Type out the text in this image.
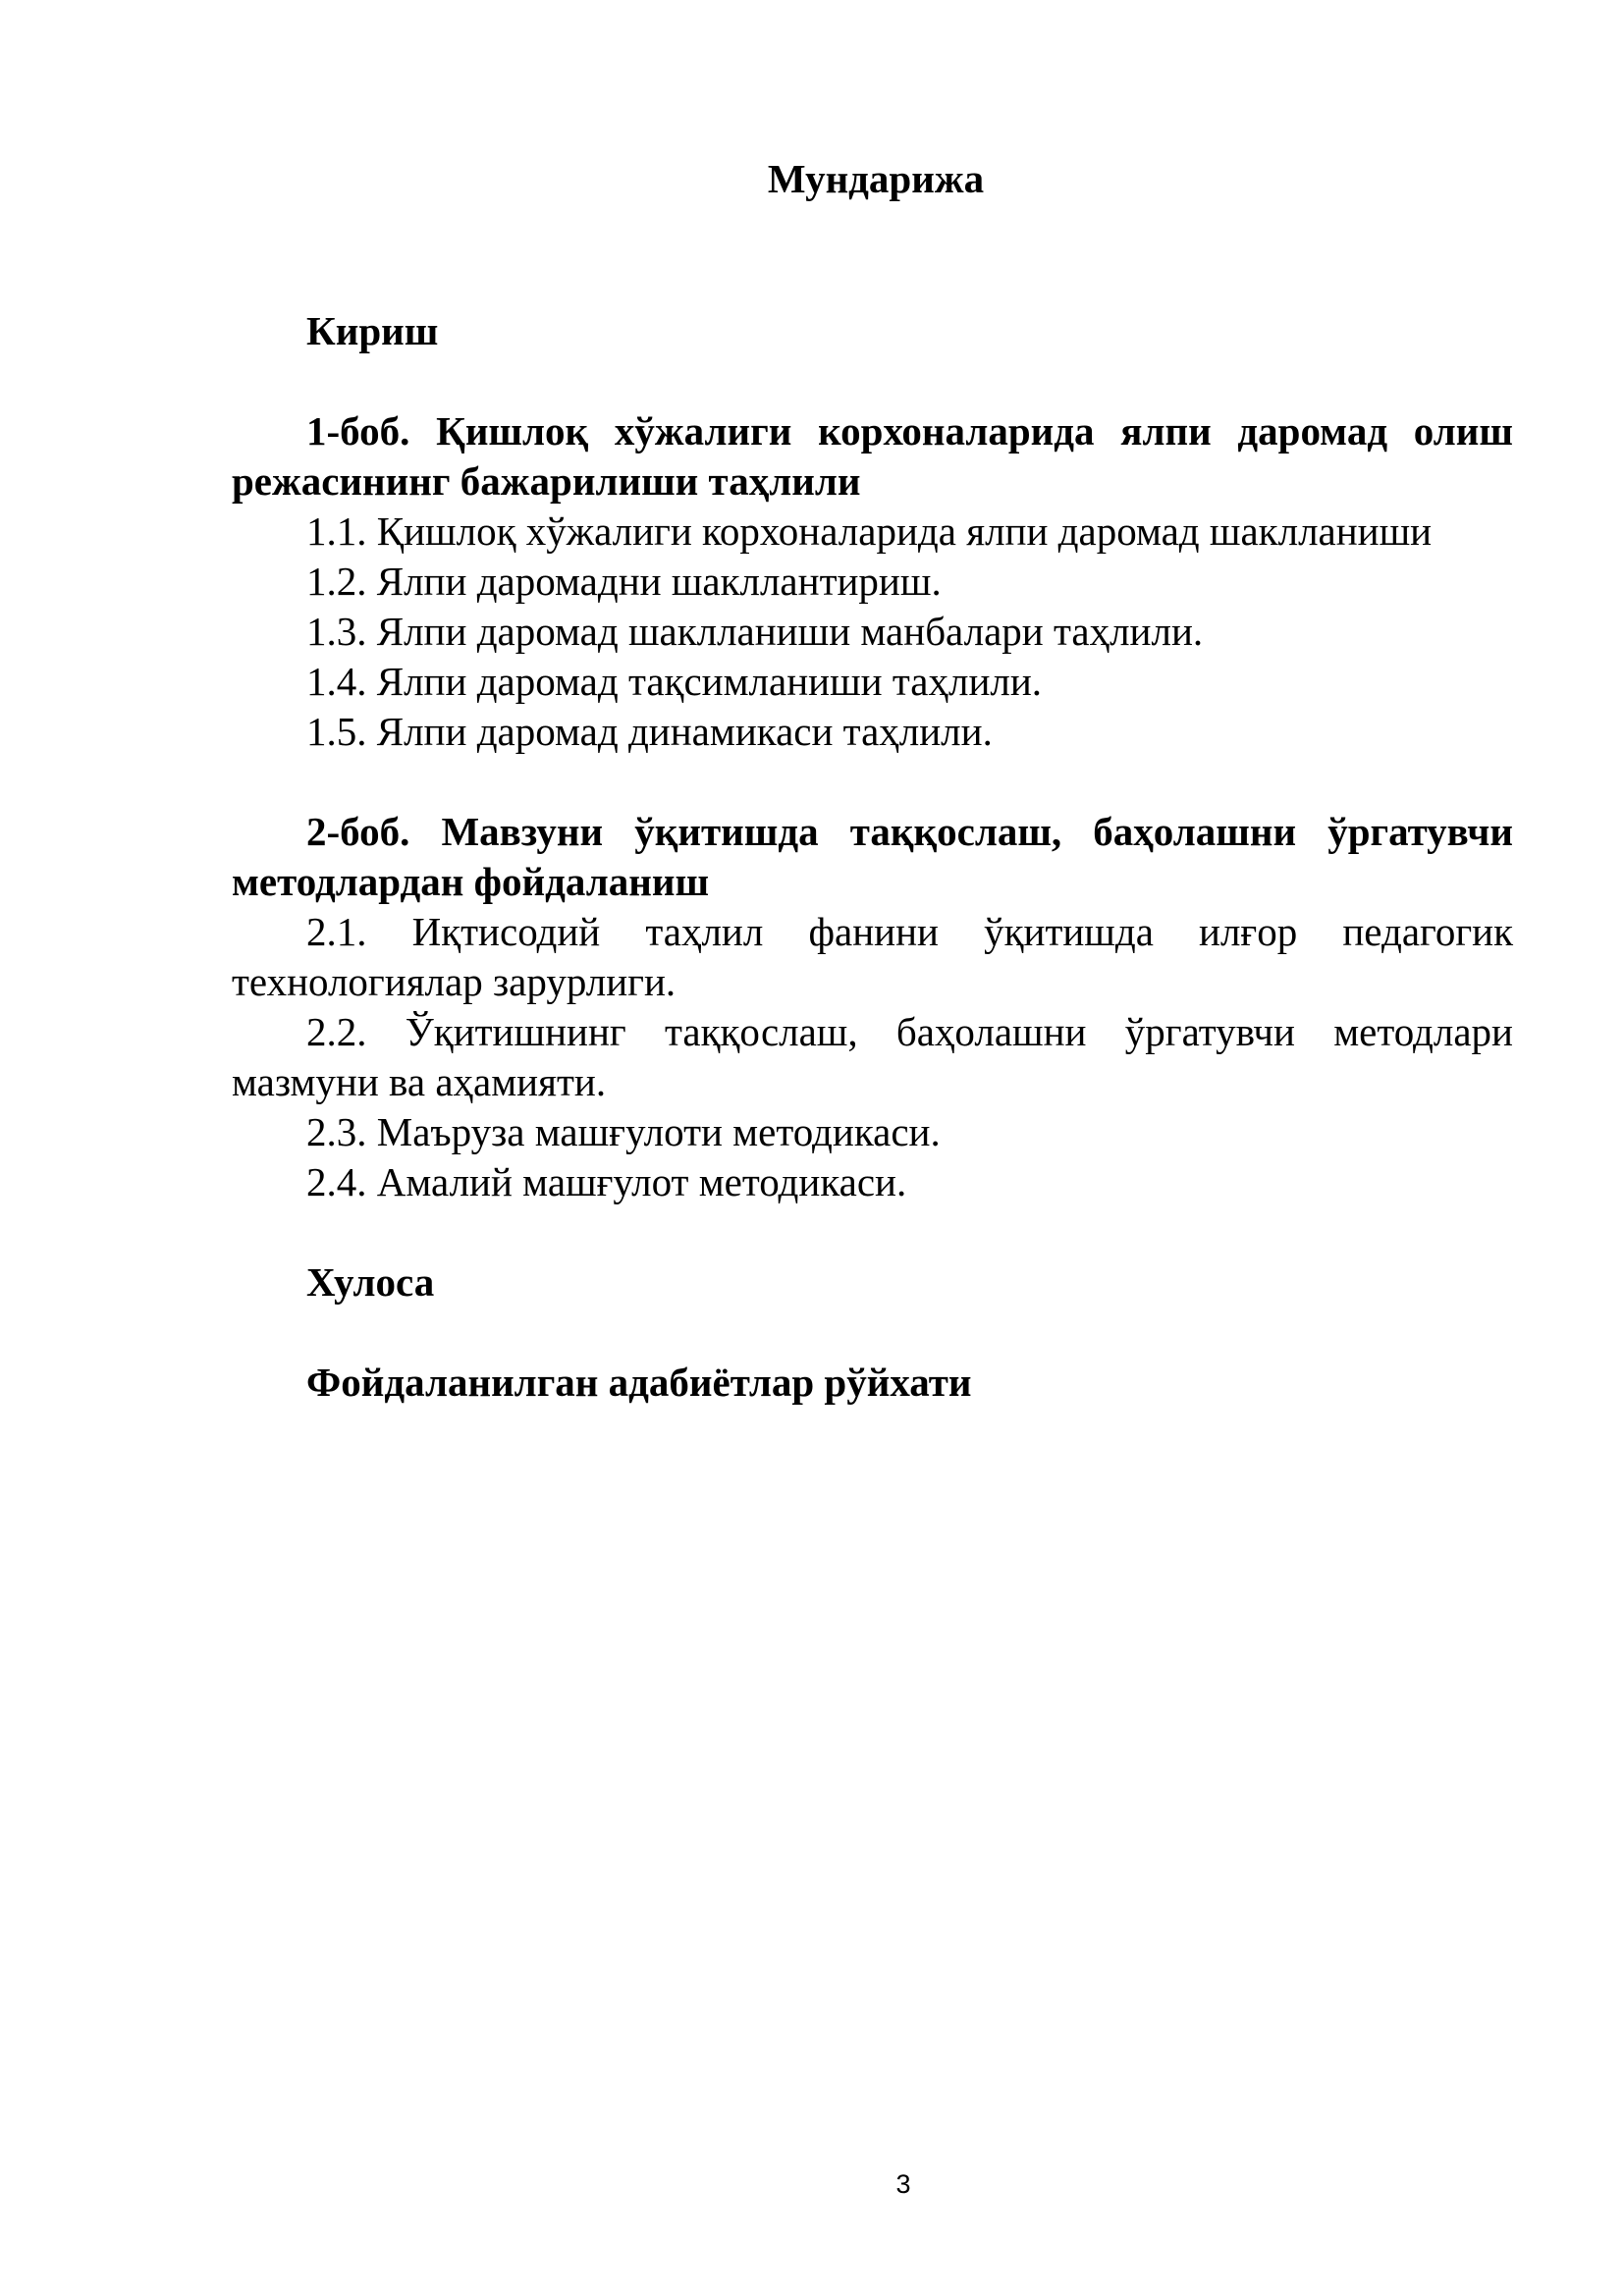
Мундарижа

Кириш

1-боб. Қишлоқ хўжалиги корхоналарида ялпи даромад олиш режасининг бажарилиши таҳлили

1.1. Қишлоқ хўжалиги корхоналарида ялпи даромад шаклланиши

1.2. Ялпи даромадни шакллантириш.

1.3. Ялпи даромад шаклланиши манбалари таҳлили.

1.4. Ялпи даромад тақсимланиши таҳлили.

1.5. Ялпи даромад динамикаси таҳлили.

2-боб. Мавзуни ўқитишда таққослаш, баҳолашни ўргатувчи методлардан фойдаланиш

2.1. Иқтисодий таҳлил фанини ўқитишда илғор педагогик технологиялар зарурлиги.

2.2. Ўқитишнинг таққослаш, баҳолашни ўргатувчи методлари мазмуни ва аҳамияти.

2.3. Маъруза машғулоти методикаси.

2.4. Амалий машғулот методикаси.

Хулоса

Фойдаланилган адабиётлар рўйхати

3
